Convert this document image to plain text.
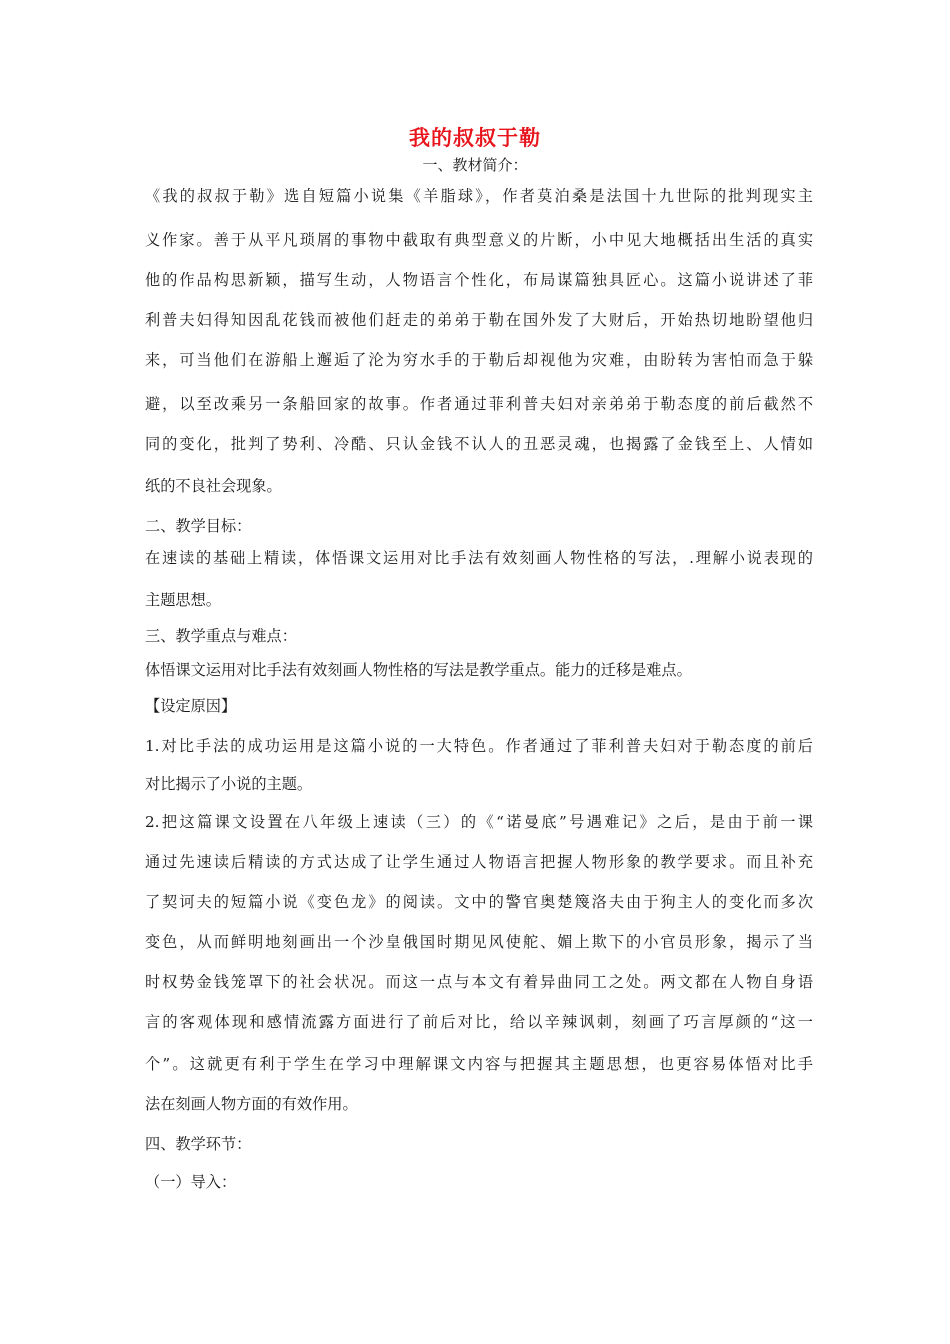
我的叔叔于勒
一、教材简介：
《我的叔叔于勒》选自短篇小说集《羊脂球》，作者莫泊桑是法国十九世际的批判现实主
义作家。善于从平凡琐屑的事物中截取有典型意义的片断，小中见大地概括出生活的真实
他的作品构思新颖，描写生动，人物语言个性化，布局谋篇独具匠心。这篇小说讲述了菲
利普夫妇得知因乱花钱而被他们赶走的弟弟于勒在国外发了大财后，开始热切地盼望他归
来，可当他们在游船上邂逅了沦为穷水手的于勒后却视他为灾难，由盼转为害怕而急于躲
避，以至改乘另一条船回家的故事。作者通过菲利普夫妇对亲弟弟于勒态度的前后截然不
同的变化，批判了势利、冷酷、只认金钱不认人的丑恶灵魂，也揭露了金钱至上、人情如
纸的不良社会现象。
二、教学目标：
在速读的基础上精读，体悟课文运用对比手法有效刻画人物性格的写法，.理解小说表现的
主题思想。
三、教学重点与难点：
体悟课文运用对比手法有效刻画人物性格的写法是教学重点。能力的迁移是难点。
【设定原因】
1.对比手法的成功运用是这篇小说的一大特色。作者通过了菲利普夫妇对于勒态度的前后
对比揭示了小说的主题。
2.把这篇课文设置在八年级上速读（三）的《“诺曼底”号遇难记》之后，是由于前一课
通过先速读后精读的方式达成了让学生通过人物语言把握人物形象的教学要求。而且补充
了契诃夫的短篇小说《变色龙》的阅读。文中的警官奥楚篾洛夫由于狗主人的变化而多次
变色，从而鲜明地刻画出一个沙皇俄国时期见风使舵、媚上欺下的小官员形象，揭示了当
时权势金钱笼罩下的社会状况。而这一点与本文有着异曲同工之处。两文都在人物自身语
言的客观体现和感情流露方面进行了前后对比，给以辛辣讽刺，刻画了巧言厚颜的“这一
个”。这就更有利于学生在学习中理解课文内容与把握其主题思想，也更容易体悟对比手
法在刻画人物方面的有效作用。
四、教学环节：
（一）导入：
